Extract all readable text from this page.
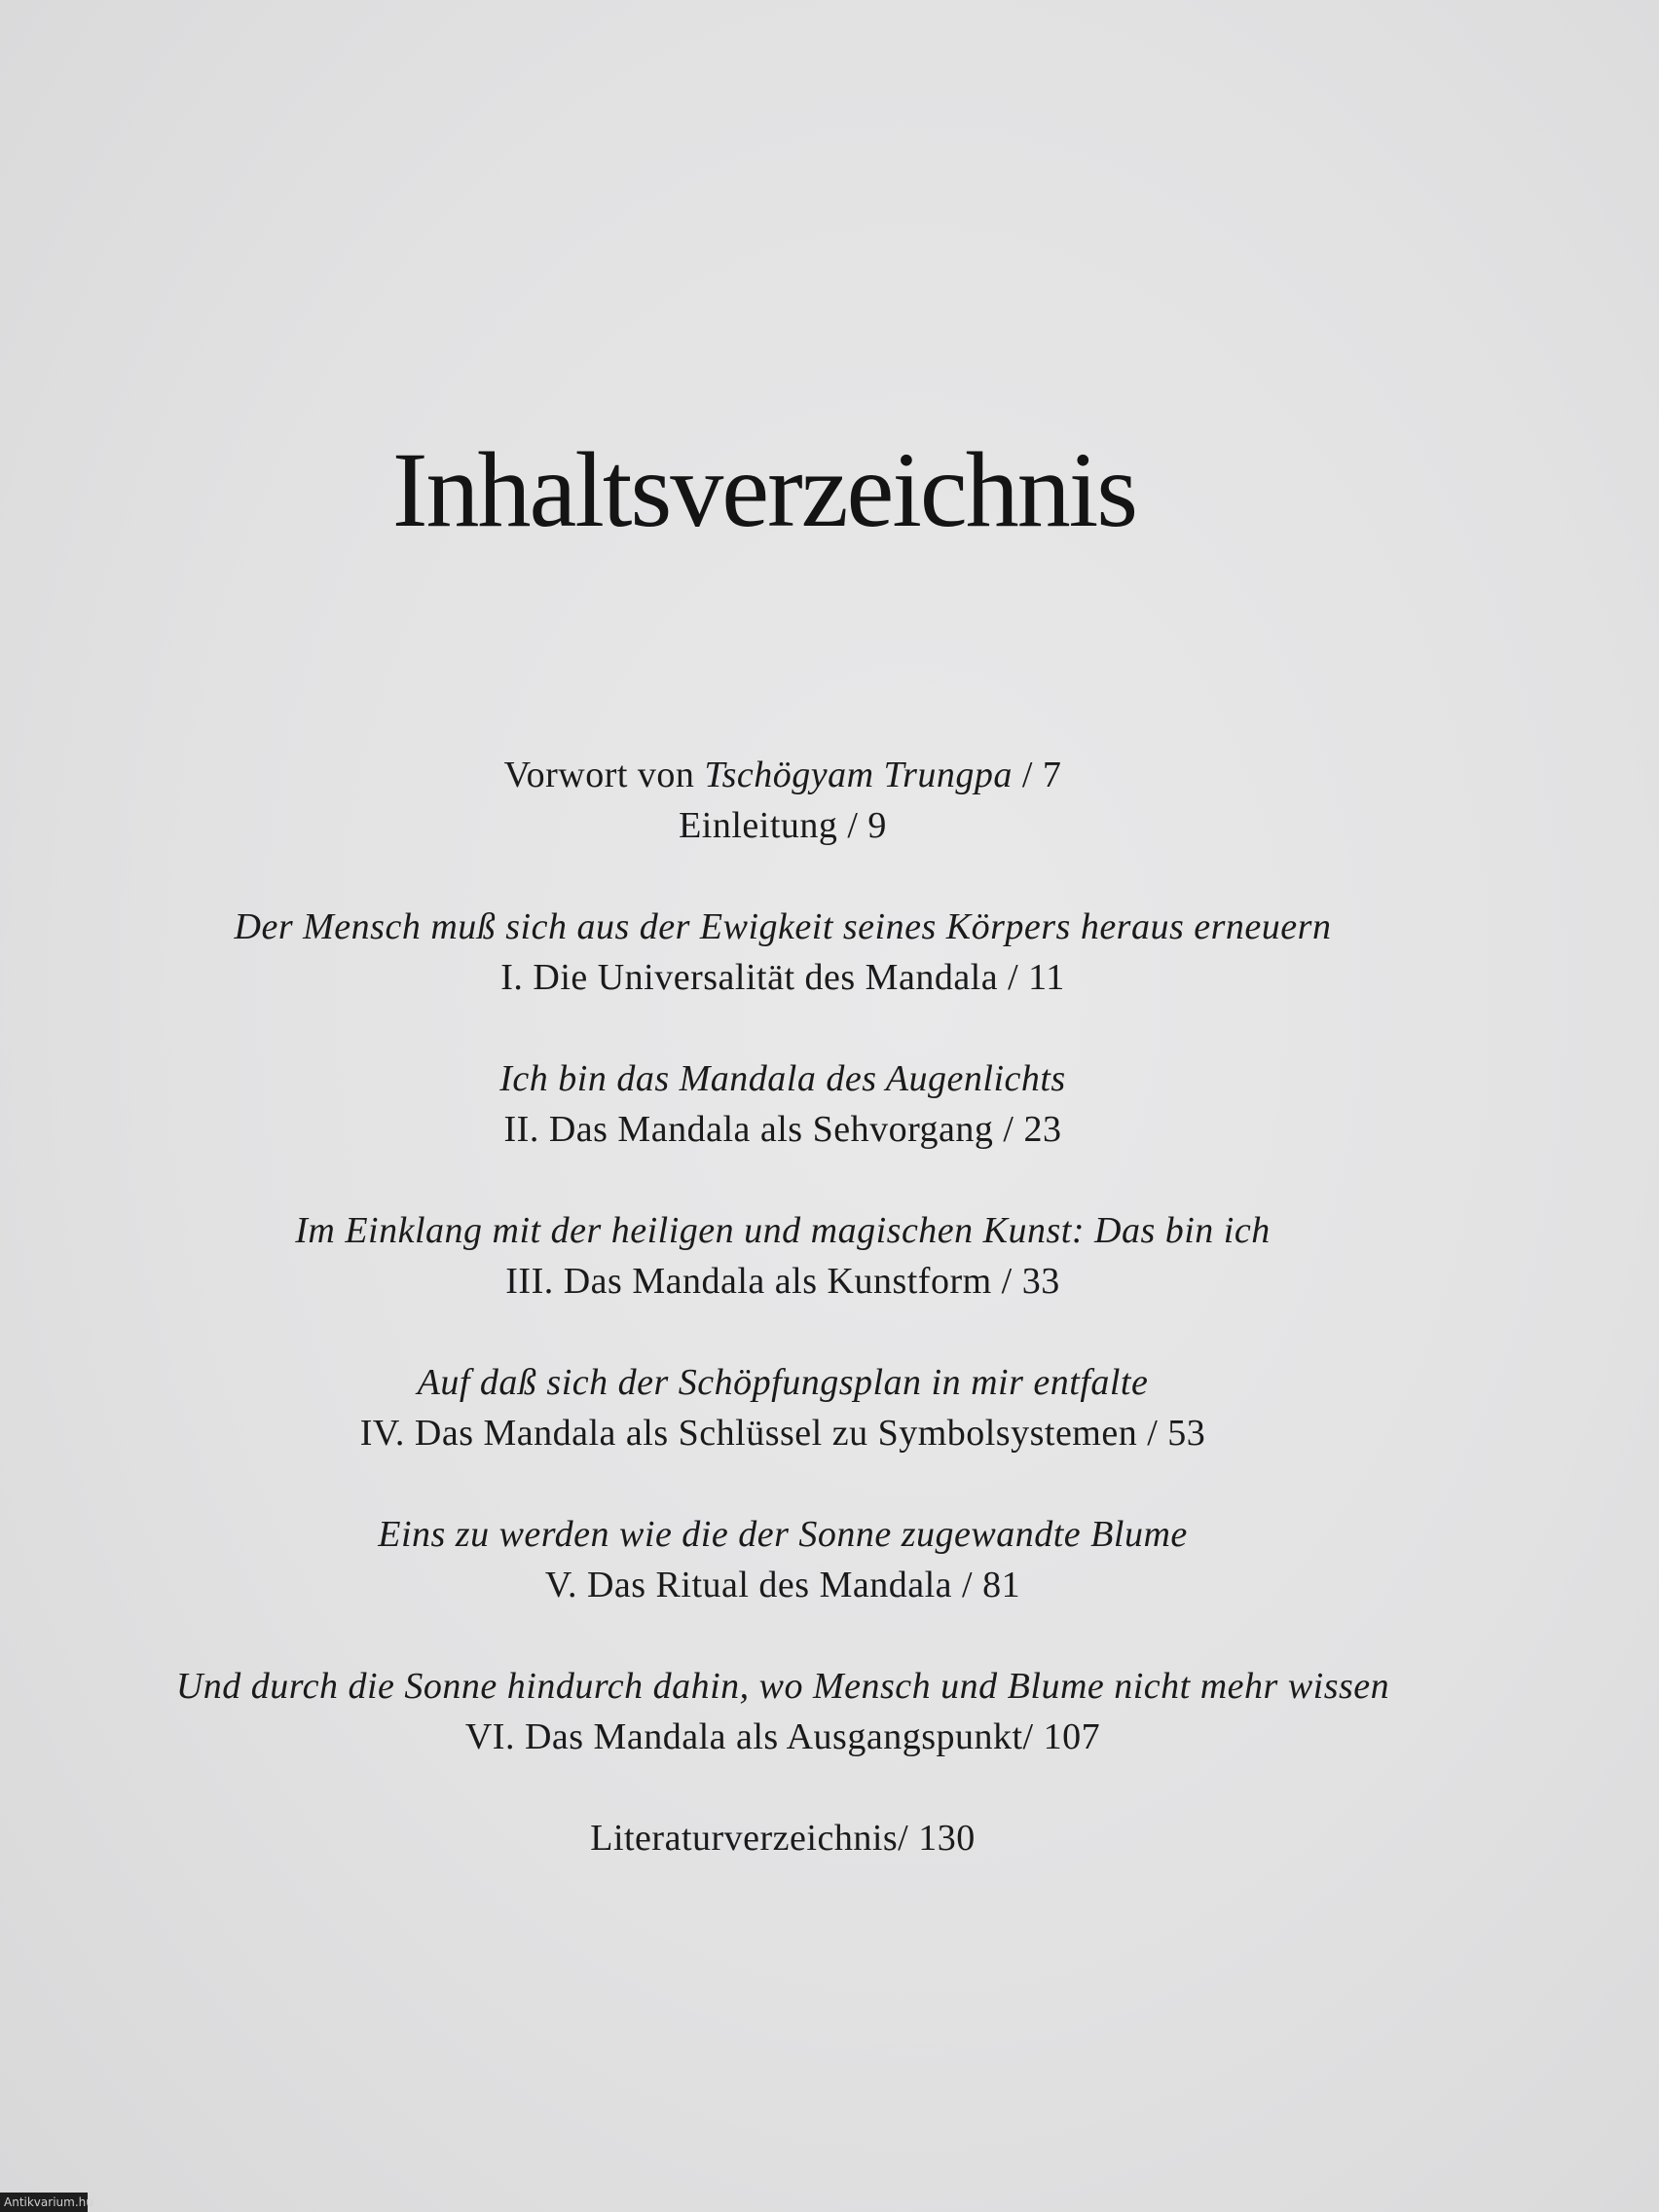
Inhaltsverzeichnis
Vorwort von Tschögyam Trungpa / 7
Einleitung / 9
Der Mensch muß sich aus der Ewigkeit seines Körpers heraus erneuern
I. Die Universalität des Mandala / 11
Ich bin das Mandala des Augenlichts
II. Das Mandala als Sehvorgang / 23
Im Einklang mit der heiligen und magischen Kunst: Das bin ich
III. Das Mandala als Kunstform / 33
Auf daß sich der Schöpfungsplan in mir entfalte
IV. Das Mandala als Schlüssel zu Symbolsystemen / 53
Eins zu werden wie die der Sonne zugewandte Blume
V. Das Ritual des Mandala / 81
Und durch die Sonne hindurch dahin, wo Mensch und Blume nicht mehr wissen
VI. Das Mandala als Ausgangspunkt/ 107
Literaturverzeichnis/ 130
Antikvarium.hu
